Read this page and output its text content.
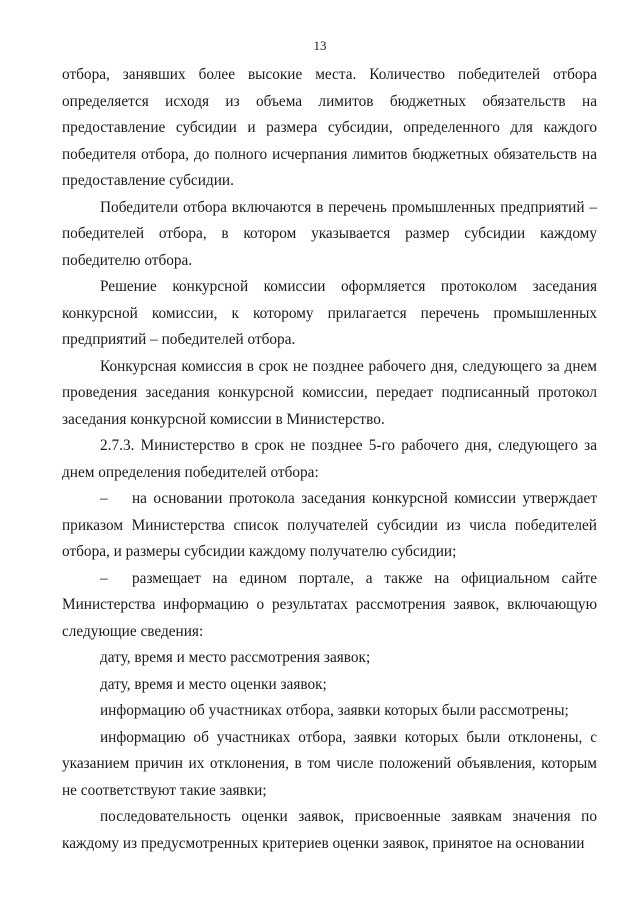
13

отбора, занявших более высокие места. Количество победителей отбора определяется исходя из объема лимитов бюджетных обязательств на предоставление субсидии и размера субсидии, определенного для каждого победителя отбора, до полного исчерпания лимитов бюджетных обязательств на предоставление субсидии.

Победители отбора включаются в перечень промышленных предприятий – победителей отбора, в котором указывается размер субсидии каждому победителю отбора.

Решение конкурсной комиссии оформляется протоколом заседания конкурсной комиссии, к которому прилагается перечень промышленных предприятий – победителей отбора.

Конкурсная комиссия в срок не позднее рабочего дня, следующего за днем проведения заседания конкурсной комиссии, передает подписанный протокол заседания конкурсной комиссии в Министерство.

2.7.3. Министерство в срок не позднее 5-го рабочего дня, следующего за днем определения победителей отбора:

– на основании протокола заседания конкурсной комиссии утверждает приказом Министерства список получателей субсидии из числа победителей отбора, и размеры субсидии каждому получателю субсидии;

– размещает на едином портале, а также на официальном сайте Министерства информацию о результатах рассмотрения заявок, включающую следующие сведения:

дату, время и место рассмотрения заявок;

дату, время и место оценки заявок;

информацию об участниках отбора, заявки которых были рассмотрены;

информацию об участниках отбора, заявки которых были отклонены, с указанием причин их отклонения, в том числе положений объявления, которым не соответствуют такие заявки;

последовательность оценки заявок, присвоенные заявкам значения по каждому из предусмотренных критериев оценки заявок, принятое на основании
